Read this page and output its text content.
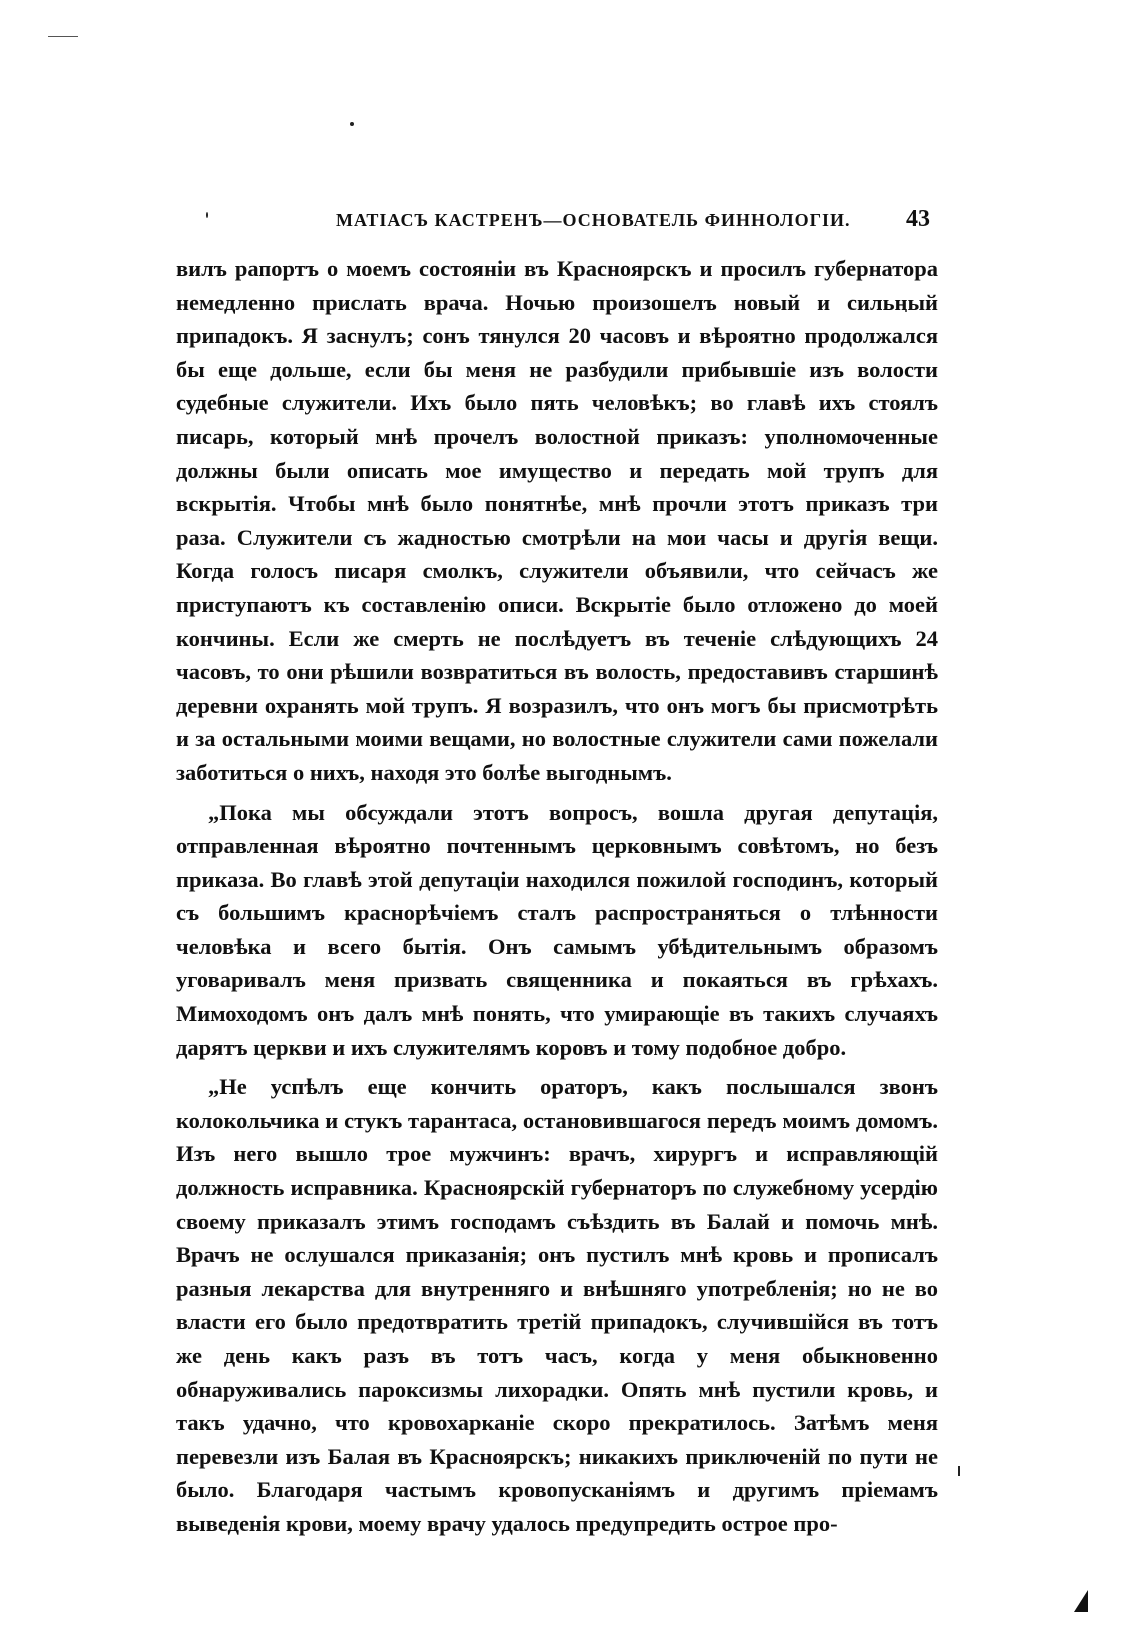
МАТІАСЪ КАСТРЕНЪ—ОСНОВАТЕЛЬ ФИННОЛОГІИ. 43

вилъ рапортъ о моемъ состояніи въ Красноярскъ и просилъ губернатора немедленно прислать врача. Ночью произошелъ новый и сильный припадокъ. Я заснулъ; сонъ тянулся 20 часовъ и вѣроятно продолжался бы еще дольше, если бы меня не разбудили прибывшіе изъ волости судебные служители. Ихъ было пять человѣкъ; во главѣ ихъ стоялъ писарь, который мнѣ прочелъ волостной приказъ: уполномоченные должны были описать мое имущество и передать мой трупъ для вскрытія. Чтобы мнѣ было понятнѣе, мнѣ прочли этотъ приказъ три раза. Служители съ жадностью смотрѣли на мои часы и другія вещи. Когда голосъ писаря смолкъ, служители объявили, что сейчасъ же приступаютъ къ составленію описи. Вскрытіе было отложено до моей кончины. Если же смерть не послѣдуетъ въ теченіе слѣдующихъ 24 часовъ, то они рѣшили возвратиться въ волость, предоставивъ старшинѣ деревни охранять мой трупъ. Я возразилъ, что онъ могъ бы присмотрѣть и за остальными моими вещами, но волостные служители сами пожелали заботиться о нихъ, находя это болѣе выгоднымъ.

„Пока мы обсуждали этотъ вопросъ, вошла другая депутація, отправленная вѣроятно почтеннымъ церковнымъ совѣтомъ, но безъ приказа. Во главѣ этой депутаціи находился пожилой господинъ, который съ большимъ краснорѣчіемъ сталъ распространяться о тлѣнности человѣка и всего бытія. Онъ самымъ убѣдительнымъ образомъ уговаривалъ меня призвать священника и покаяться въ грѣхахъ. Мимоходомъ онъ далъ мнѣ понять, что умирающіе въ такихъ случаяхъ дарятъ церкви и ихъ служителямъ коровъ и тому подобное добро.

„Не успѣлъ еще кончить ораторъ, какъ послышался звонъ колокольчика и стукъ тарантаса, остановившагося передъ моимъ домомъ. Изъ него вышло трое мужчинъ: врачъ, хирургъ и исправляющій должность исправника. Красноярскій губернаторъ по служебному усердію своему приказалъ этимъ господамъ съѣздить въ Балай и помочь мнѣ. Врачъ не ослушался приказанія; онъ пустилъ мнѣ кровь и прописалъ разныя лекарства для внутренняго и внѣшняго употребленія; но не во власти его было предотвратить третій припадокъ, случившійся въ тотъ же день какъ разъ въ тотъ часъ, когда у меня обыкновенно обнаруживались пароксизмы лихорадки. Опять мнѣ пустили кровь, и такъ удачно, что кровохарканіе скоро прекратилось. Затѣмъ меня перевезли изъ Балая въ Красноярскъ; никакихъ приключеній по пути не было. Благодаря частымъ кровопусканіямъ и другимъ пріемамъ выведенія крови, моему врачу удалось предупредить острое про-
